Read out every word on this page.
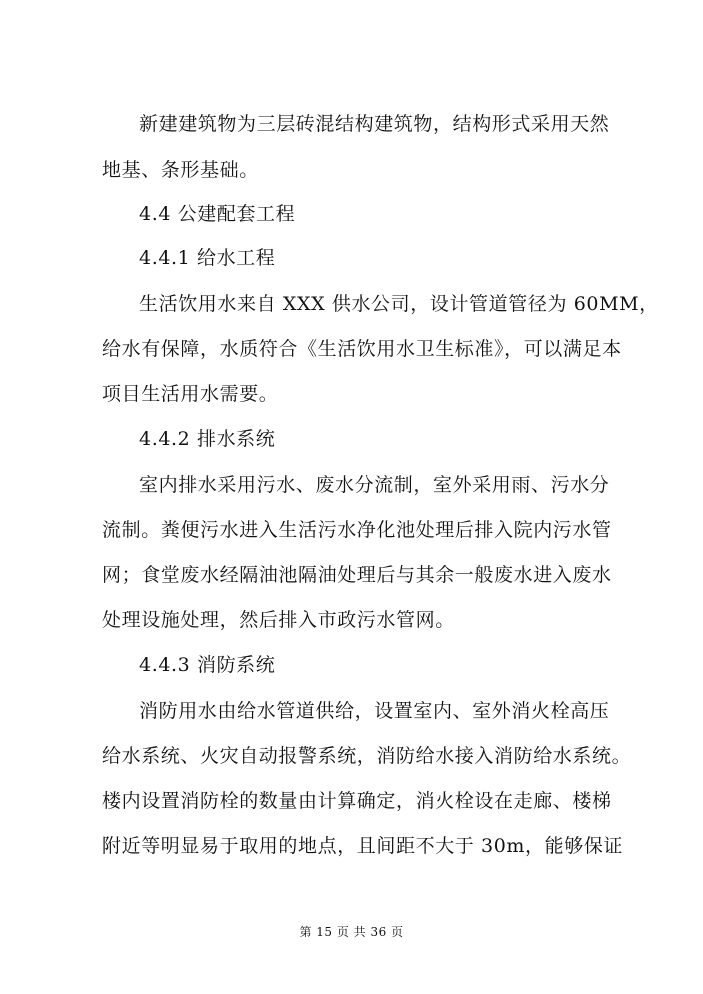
新建建筑物为三层砖混结构建筑物，结构形式采用天然
地基、条形基础。
4.4 公建配套工程
4.4.1 给水工程
生活饮用水来自 XXX 供水公司，设计管道管径为 60MM，
给水有保障，水质符合《生活饮用水卫生标准》，可以满足本
项目生活用水需要。
4.4.2 排水系统
室内排水采用污水、废水分流制，室外采用雨、污水分
流制。粪便污水进入生活污水净化池处理后排入院内污水管
网；食堂废水经隔油池隔油处理后与其余一般废水进入废水
处理设施处理，然后排入市政污水管网。
4.4.3 消防系统
消防用水由给水管道供给，设置室内、室外消火栓高压
给水系统、火灾自动报警系统，消防给水接入消防给水系统。
楼内设置消防栓的数量由计算确定，消火栓设在走廊、楼梯
附近等明显易于取用的地点，且间距不大于 30m，能够保证
第 15 页 共 36 页
